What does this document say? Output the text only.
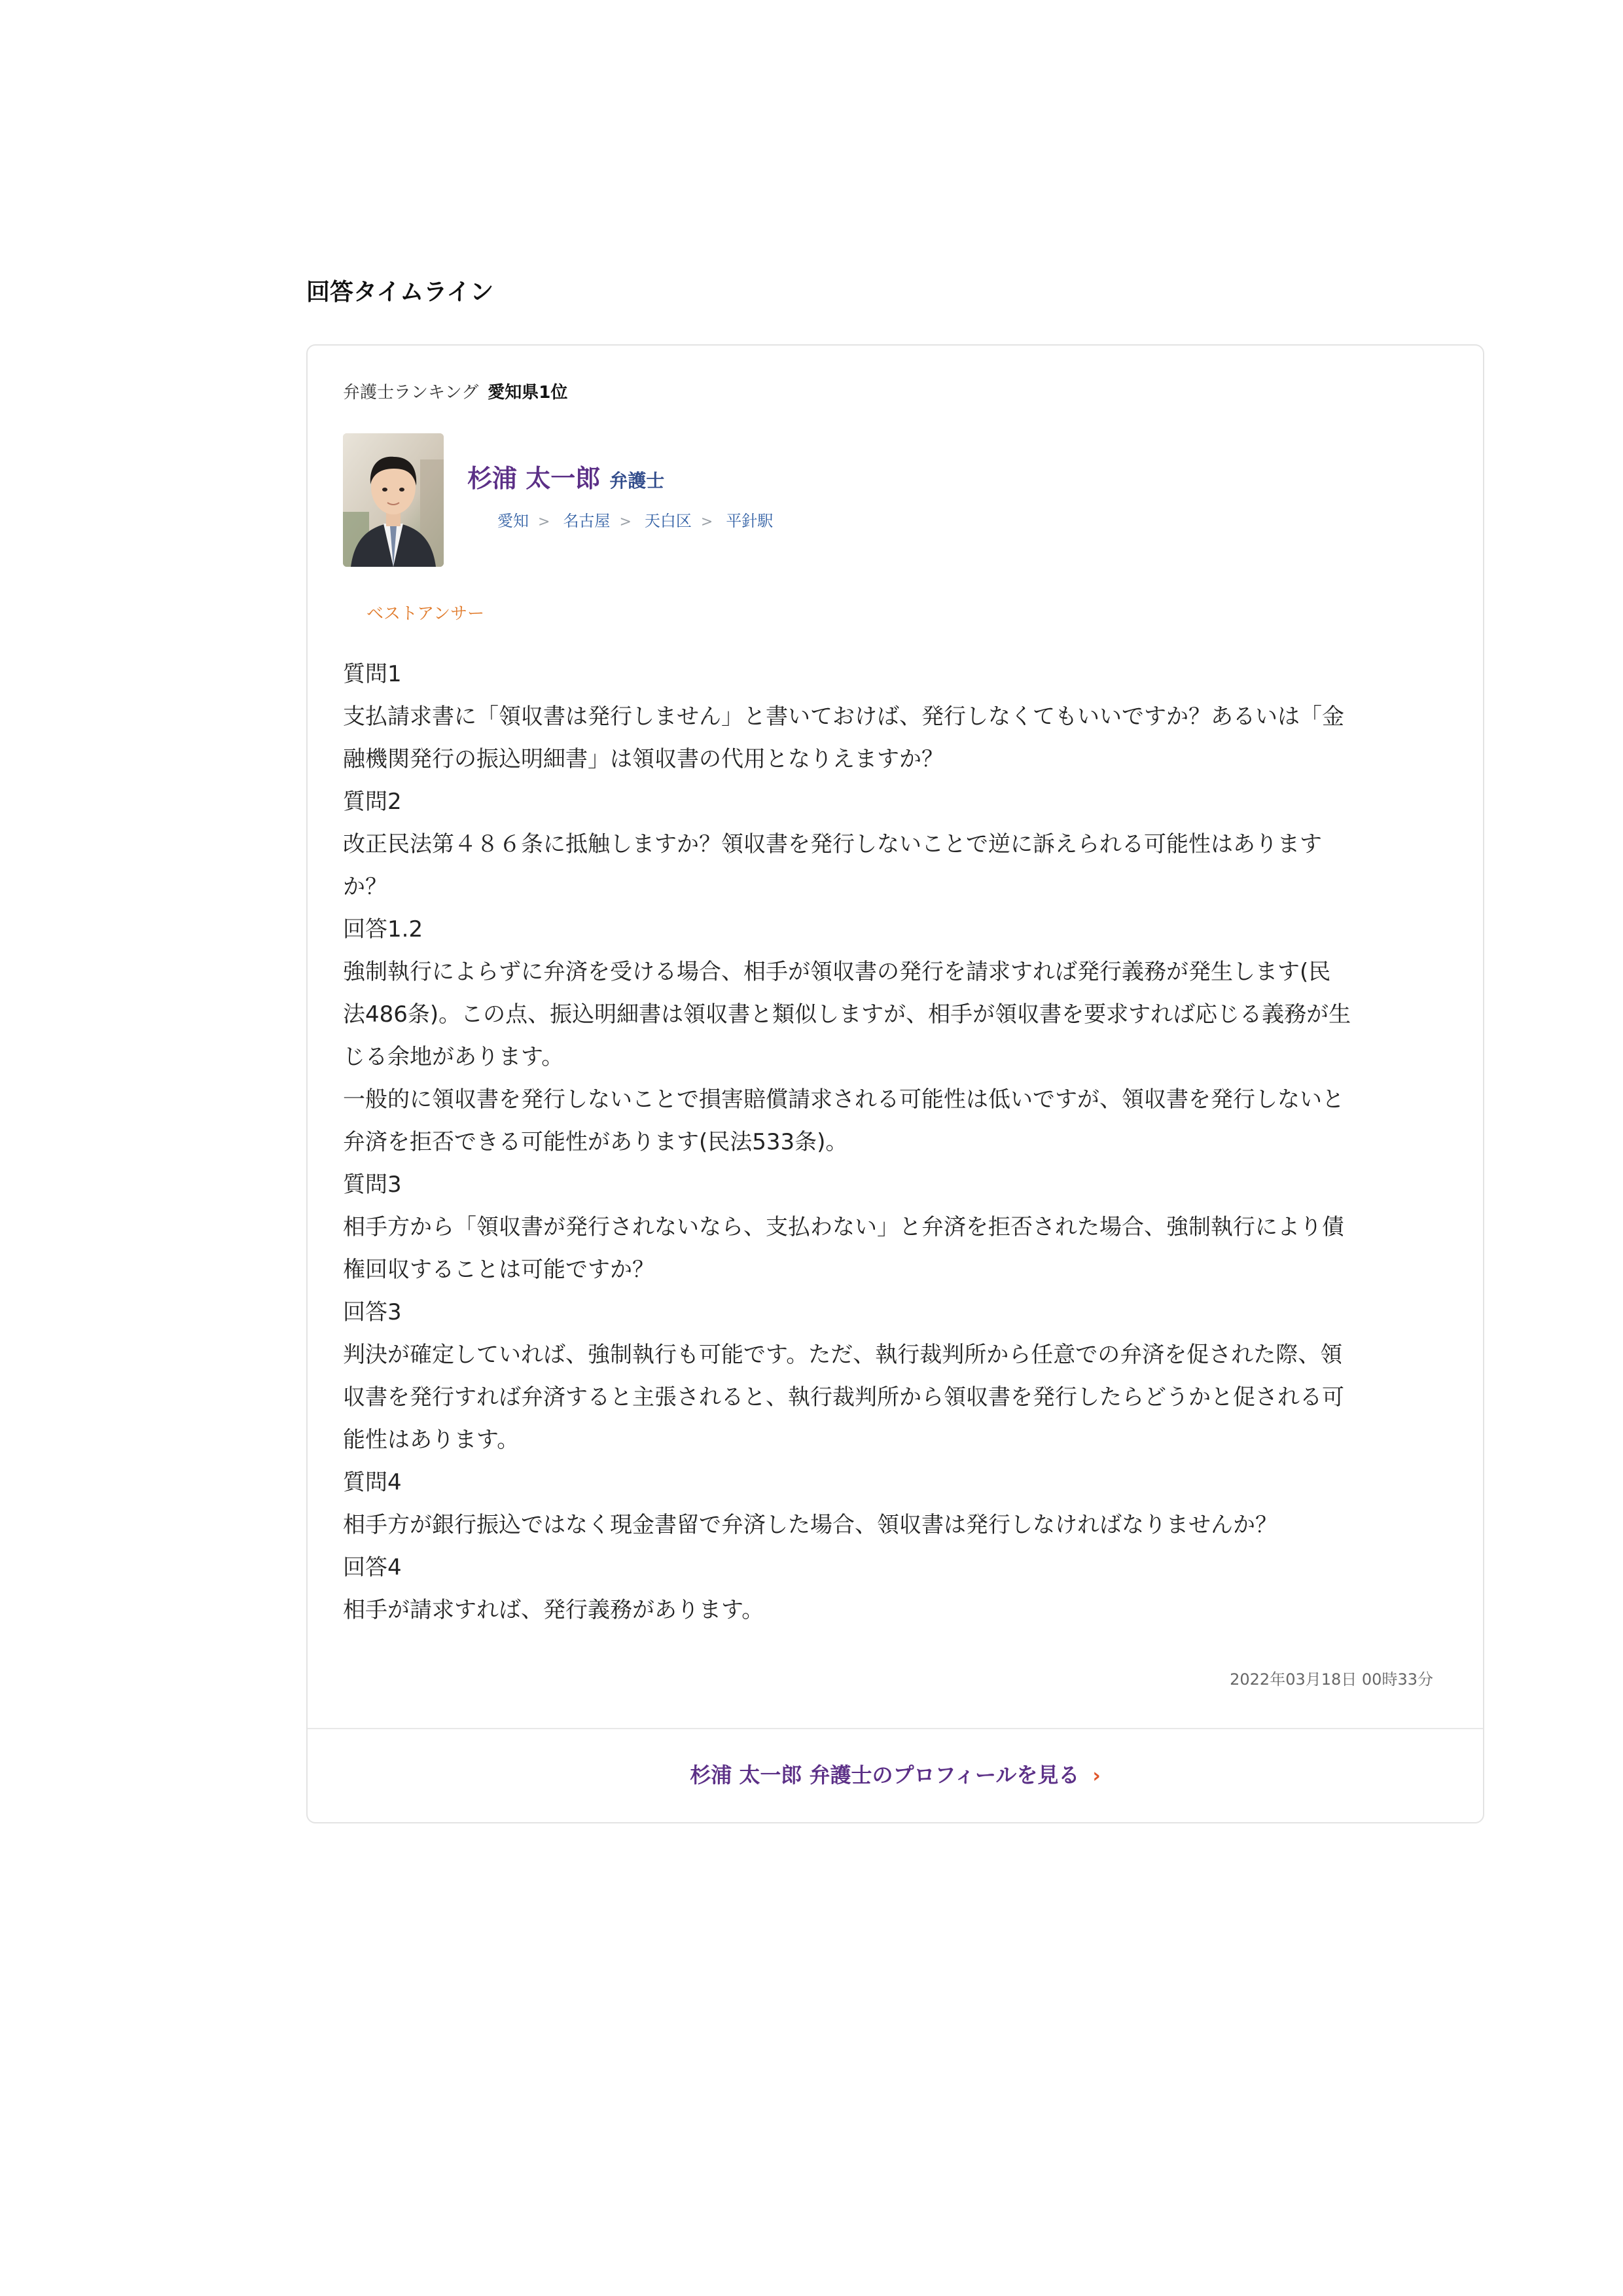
回答タイムライン
弁護士ランキング 愛知県1位
杉浦 太一郎 弁護士
愛知 > 名古屋 > 天白区 > 平針駅
ベストアンサー

質問1

支払請求書に「領収書は発行しません」と書いておけば、発行しなくてもいいですか？あるいは「金

融機関発行の振込明細書」は領収書の代用となりえますか？

質問2

改正民法第４８６条に抵触しますか？領収書を発行しないことで逆に訴えられる可能性はあります

か？

回答1.2

強制執行によらずに弁済を受ける場合、相手が領収書の発行を請求すれば発行義務が発生します(民

法486条)。この点、振込明細書は領収書と類似しますが、相手が領収書を要求すれば応じる義務が生

じる余地があります。

一般的に領収書を発行しないことで損害賠償請求される可能性は低いですが、領収書を発行しないと

弁済を拒否できる可能性があります(民法533条)。

質問3

相手方から「領収書が発行されないなら、支払わない」と弁済を拒否された場合、強制執行により債

権回収することは可能ですか？

回答3

判決が確定していれば、強制執行も可能です。ただ、執行裁判所から任意での弁済を促された際、領

収書を発行すれば弁済すると主張されると、執行裁判所から領収書を発行したらどうかと促される可

能性はあります。

質問4

相手方が銀行振込ではなく現金書留で弁済した場合、領収書は発行しなければなりませんか？

回答4

相手が請求すれば、発行義務があります。

2022年03月18日 00時33分
杉浦 太一郎 弁護士のプロフィールを見る ›
